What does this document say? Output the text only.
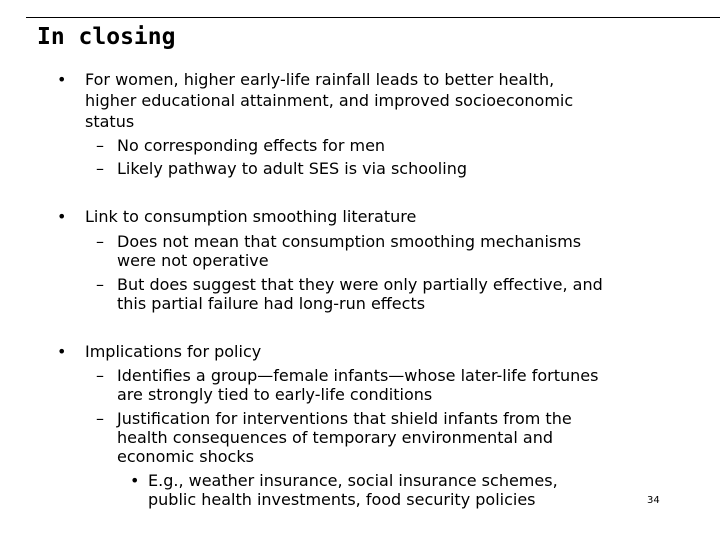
In closing
• For women, higher early-life rainfall leads to better health,
higher educational attainment, and improved socioeconomic
status
– No corresponding effects for men
– Likely pathway to adult SES is via schooling
• Link to consumption smoothing literature
– Does not mean that consumption smoothing mechanisms
were not operative
– But does suggest that they were only partially effective, and
this partial failure had long-run effects
• Implications for policy
– Identifies a group—female infants—whose later-life fortunes
are strongly tied to early-life conditions
– Justification for interventions that shield infants from the
health consequences of temporary environmental and
economic shocks
• E.g., weather insurance, social insurance schemes,
public health investments, food security policies	34
